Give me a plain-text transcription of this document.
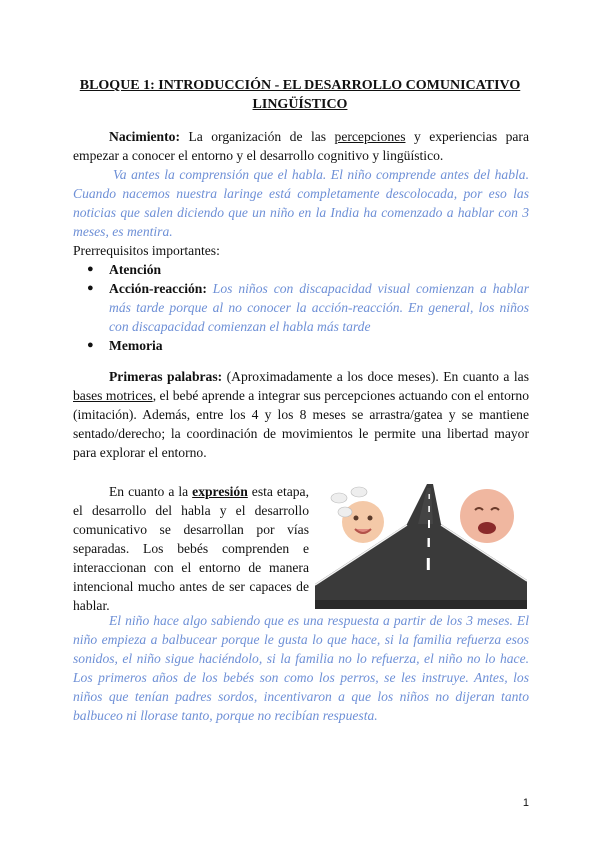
BLOQUE 1: INTRODUCCIÓN - EL DESARROLLO COMUNICATIVO
LINGÜÍSTICO
Nacimiento: La organización de las percepciones y experiencias para empezar a conocer el entorno y el desarrollo cognitivo y lingüístico.
Va antes la comprensión que el habla. El niño comprende antes del habla. Cuando nacemos nuestra laringe está completamente descolocada, por eso las noticias que salen diciendo que un niño en la India ha comenzado a hablar con 3 meses, es mentira.
Prerrequisitos importantes:
● Atención
● Acción-reacción: Los niños con discapacidad visual comienzan a hablar más tarde porque al no conocer la acción-reacción. En general, los niños con discapacidad comienzan el habla más tarde
● Memoria
Primeras palabras: (Aproximadamente a los doce meses). En cuanto a las bases motrices, el bebé aprende a integrar sus percepciones actuando con el entorno (imitación). Además, entre los 4 y los 8 meses se arrastra/gatea y se mantiene sentado/derecho; la coordinación de movimientos le permite una libertad mayor para explorar el entorno.
En cuanto a la expresión esta etapa, el desarrollo del habla y el desarrollo comunicativo se desarrollan por vías separadas. Los bebés comprenden e interaccionan con el entorno de manera intencional mucho antes de ser capaces de hablar.
El niño hace algo sabiendo que es una respuesta a partir de los 3 meses. El niño empieza a balbucear porque le gusta lo que hace, si la familia refuerza esos sonidos, el niño sigue haciéndolo, si la familia no lo refuerza, el niño no lo hace. Los primeros años de los bebés son como los perros, se les instruye. Antes, los niños que tenían padres sordos, incentivaron a que los niños no dijeran tanto balbuceo ni llorase tanto, porque no recibían respuesta.
1
